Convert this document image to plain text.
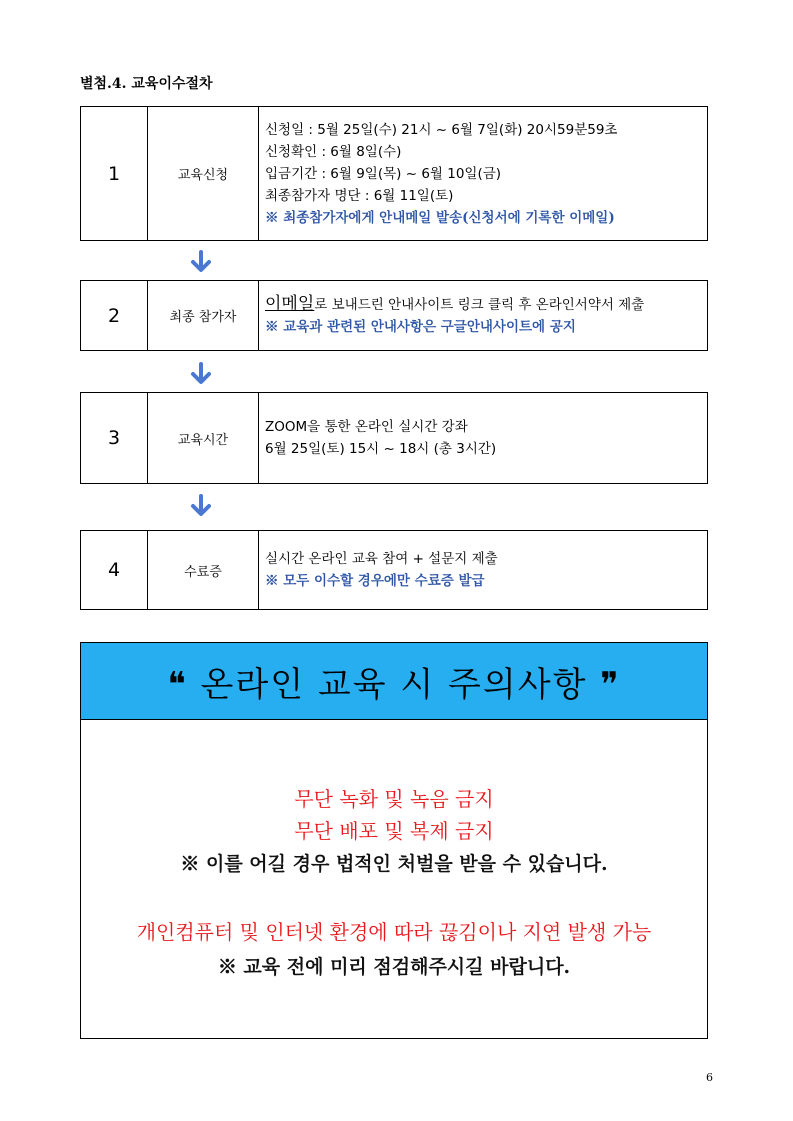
별첨.4. 교육이수절차
1	교육신청
신청일 : 5월 25일(수) 21시 ~ 6월 7일(화) 20시59분59초
신청확인 : 6월 8일(수)
입금기간 : 6월 9일(목) ~ 6월 10일(금)
최종참가자 명단 : 6월 11일(토)
※ 최종참가자에게 안내메일 발송(신청서에 기록한 이메일)
2	최종 참가자
이메일로 보내드린 안내사이트 링크 클릭 후 온라인서약서 제출
※ 교육과 관련된 안내사항은 구글안내사이트에 공지
3	교육시간
ZOOM을 통한 온라인 실시간 강좌
6월 25일(토) 15시 ~ 18시 (총 3시간)
4	수료증
실시간 온라인 교육 참여 + 설문지 제출
※ 모두 이수할 경우에만 수료증 발급
❝ 온라인 교육 시 주의사항 ❞
무단 녹화 및 녹음 금지
무단 배포 및 복제 금지
※ 이를 어길 경우 법적인 처벌을 받을 수 있습니다.
개인컴퓨터 및 인터넷 환경에 따라 끊김이나 지연 발생 가능
※ 교육 전에 미리 점검해주시길 바랍니다.
6
